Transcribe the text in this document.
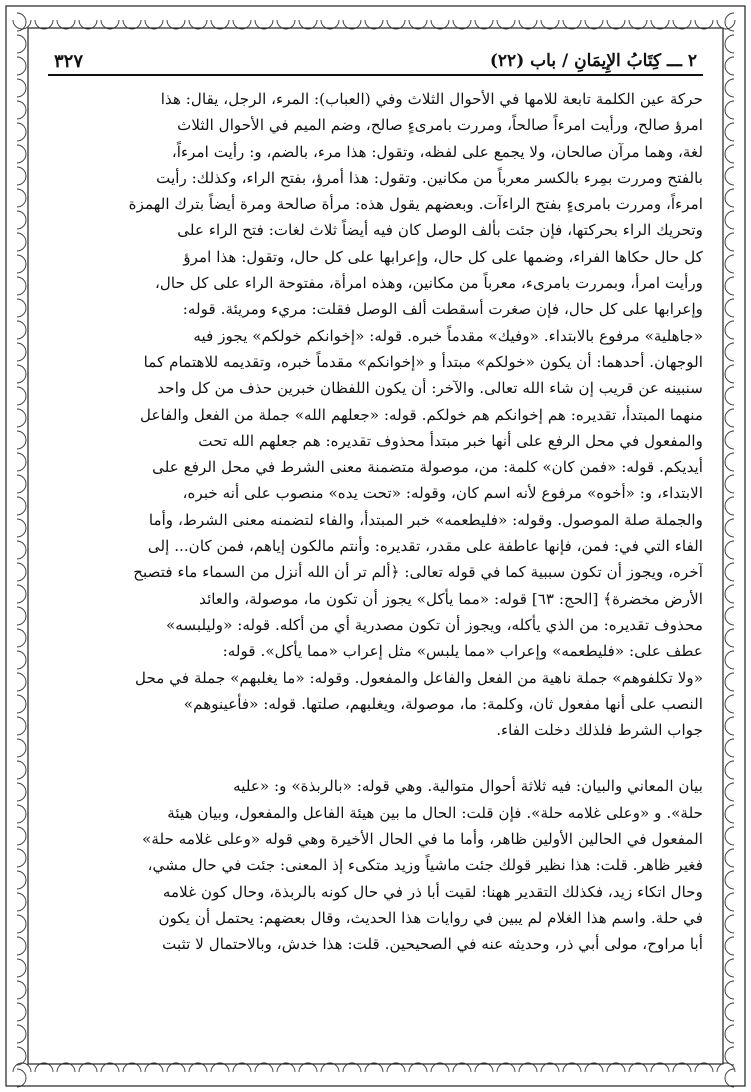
٢ ـــ كِتَابُ الإِيمَانِ / باب (٢٢)
٣٢٧
حركة عين الكلمة تابعة للامها في الأحوال الثلاث وفي (العباب): المرء، الرجل، يقال: هذا
امرؤ صالح، ورأيت امرءاً صالحاً، ومررت بامرىءٍ صالح، وضم الميم في الأحوال الثلاث
لغة، وهما مرآن صالحان، ولا يجمع على لفظه، وتقول: هذا مرء، بالضم، و: رأيت امرءاً،
بالفتح ومررت بمِرء بالكسر معرباً من مكانين. وتقول: هذا أمرؤ، بفتح الراء، وكذلك: رأيت
امرءاً، ومررت بامرىءٍ بفتح الراءآت. وبعضهم يقول هذه: مرأة صالحة ومرة أيضاً بترك الهمزة
وتحريك الراء بحركتها، فإن جئت بألف الوصل كان فيه أيضاً ثلاث لغات: فتح الراء على
كل حال حكاها الفراء، وضمها على كل حال، وإعرابها على كل حال، وتقول: هذا امرؤ
ورأيت امرأ، وبمررت بامرىء، معرباً من مكانين، وهذه امرأة، مفتوحة الراء على كل حال،
وإعرابها على كل حال، فإن صغرت أسقطت ألف الوصل فقلت: مريء ومريئة. قوله:
«جاهلية» مرفوع بالابتداء. «وفيك» مقدماً خبره. قوله: «إخوانكم خولكم» يجوز فيه
الوجهان. أحدهما: أن يكون «خولكم» مبتدأ و «إخوانكم» مقدماً خبره، وتقديمه للاهتمام كما
سنبينه عن قريب إن شاء الله تعالى. والآخر: أن يكون اللفظان خبرين حذف من كل واحد
منهما المبتدأ، تقديره: هم إخوانكم هم خولكم. قوله: «جعلهم الله» جملة من الفعل والفاعل
والمفعول في محل الرفع على أنها خبر مبتدأ محذوف تقديره: هم جعلهم الله تحت
أيديكم. قوله: «فمن كان» كلمة: من، موصولة متضمنة معنى الشرط في محل الرفع على
الابتداء، و: «أخوه» مرفوع لأنه اسم كان، وقوله: «تحت يده» منصوب على أنه خبره،
والجملة صلة الموصول. وقوله: «فليطعمه» خبر المبتدأ، والفاء لتضمنه معنى الشرط، وأما
الفاء التي في: فمن، فإنها عاطفة على مقدر، تقديره: وأنتم مالكون إياهم، فمن كان... إلى
آخره، ويجوز أن تكون سببية كما في قوله تعالى: ﴿ألم تر أن الله أنزل من السماء ماء فتصبح
الأرض مخضرة﴾ [الحج: ٦٣] قوله: «مما يأكل» يجوز أن تكون ما، موصولة، والعائد
محذوف تقديره: من الذي يأكله، ويجوز أن تكون مصدرية أي من أكله. قوله: «وليلبسه»
عطف على: «فليطعمه» وإعراب «مما يلبس» مثل إعراب «مما يأكل». قوله:
«ولا تكلفوهم» جملة ناهية من الفعل والفاعل والمفعول. وقوله: «ما يغلبهم» جملة في محل
النصب على أنها مفعول ثان، وكلمة: ما، موصولة، ويغلبهم، صلتها. قوله: «فأعينوهم»
جواب الشرط فلذلك دخلت الفاء.
بيان المعاني والبيان: فيه ثلاثة أحوال متوالية. وهي قوله: «بالربذة» و: «عليه
حلة». و «وعلى غلامه حلة». فإن قلت: الحال ما بين هيئة الفاعل والمفعول، وبيان هيئة
المفعول في الحالين الأولين ظاهر، وأما ما في الحال الأخيرة وهي قوله «وعلى غلامه حلة»
فغير ظاهر. قلت: هذا نظير قولك جئت ماشياً وزيد متكىء إذ المعنى: جئت في حال مشي،
وحال اتكاء زيد، فكذلك التقدير ههنا: لقيت أبا ذر في حال كونه بالربذة، وحال كون غلامه
في حلة. واسم هذا الغلام لم يبين في روايات هذا الحديث، وقال بعضهم: يحتمل أن يكون
أبا مراوح، مولى أبي ذر، وحديثه عنه في الصحيحين. قلت: هذا خدش، وبالاحتمال لا تثبت
